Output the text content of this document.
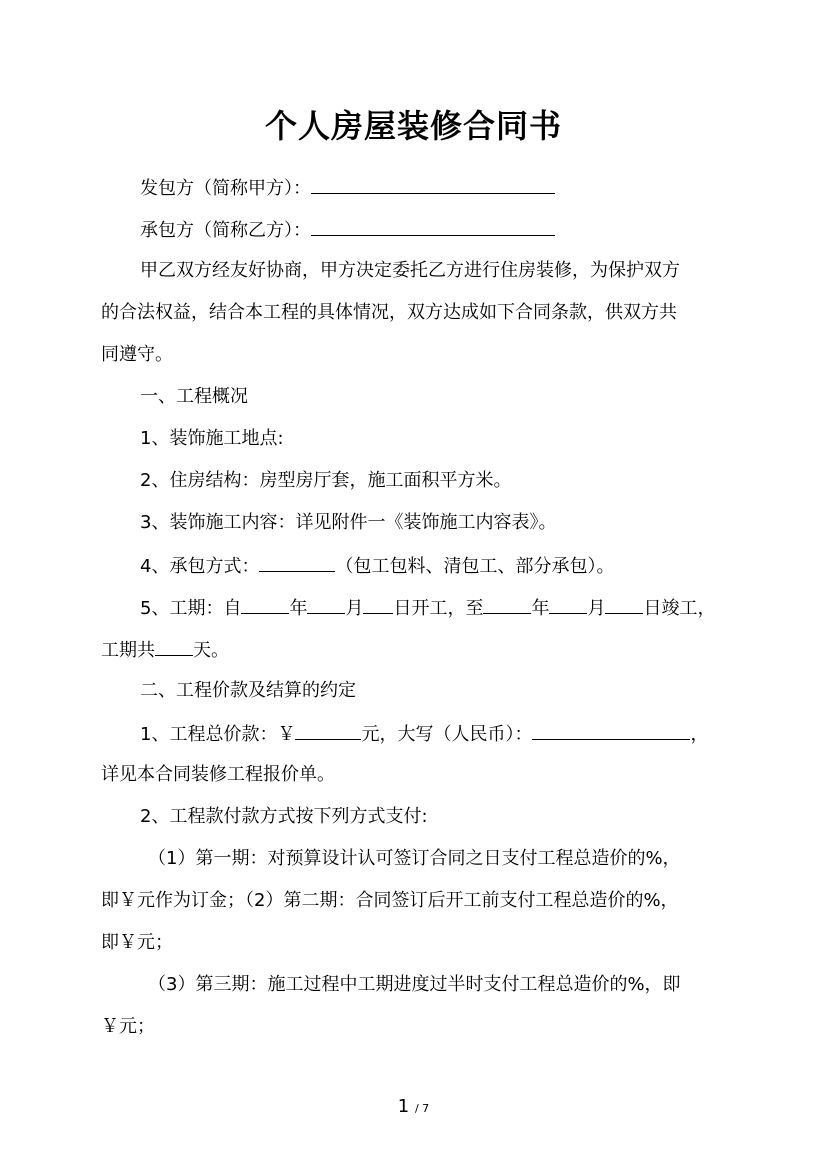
个人房屋装修合同书
发包方（简称甲方）：
承包方（简称乙方）：
甲乙双方经友好协商，甲方决定委托乙方进行住房装修，为保护双方
的合法权益，结合本工程的具体情况，双方达成如下合同条款，供双方共
同遵守。
一、工程概况
1、装饰施工地点:
2、住房结构：房型房厅套，施工面积平方米。
3、装饰施工内容：详见附件一《装饰施工内容表》。
4、承包方式：	（包工包料、清包工、部分承包）。
5、工期：自	年 月 日开工，至	年 月 日竣工，
工期共 天。
二、工程价款及结算的约定
1、工程总价款：￥	元，大写（人民币）：	，
详见本合同装修工程报价单。
2、工程款付款方式按下列方式支付:
（1）第一期：对预算设计认可签订合同之日支付工程总造价的%，
即￥元作为订金；（2）第二期：合同签订后开工前支付工程总造价的%，
即￥元；
（3）第三期：施工过程中工期进度过半时支付工程总造价的%，即
￥元；
1 / 7
